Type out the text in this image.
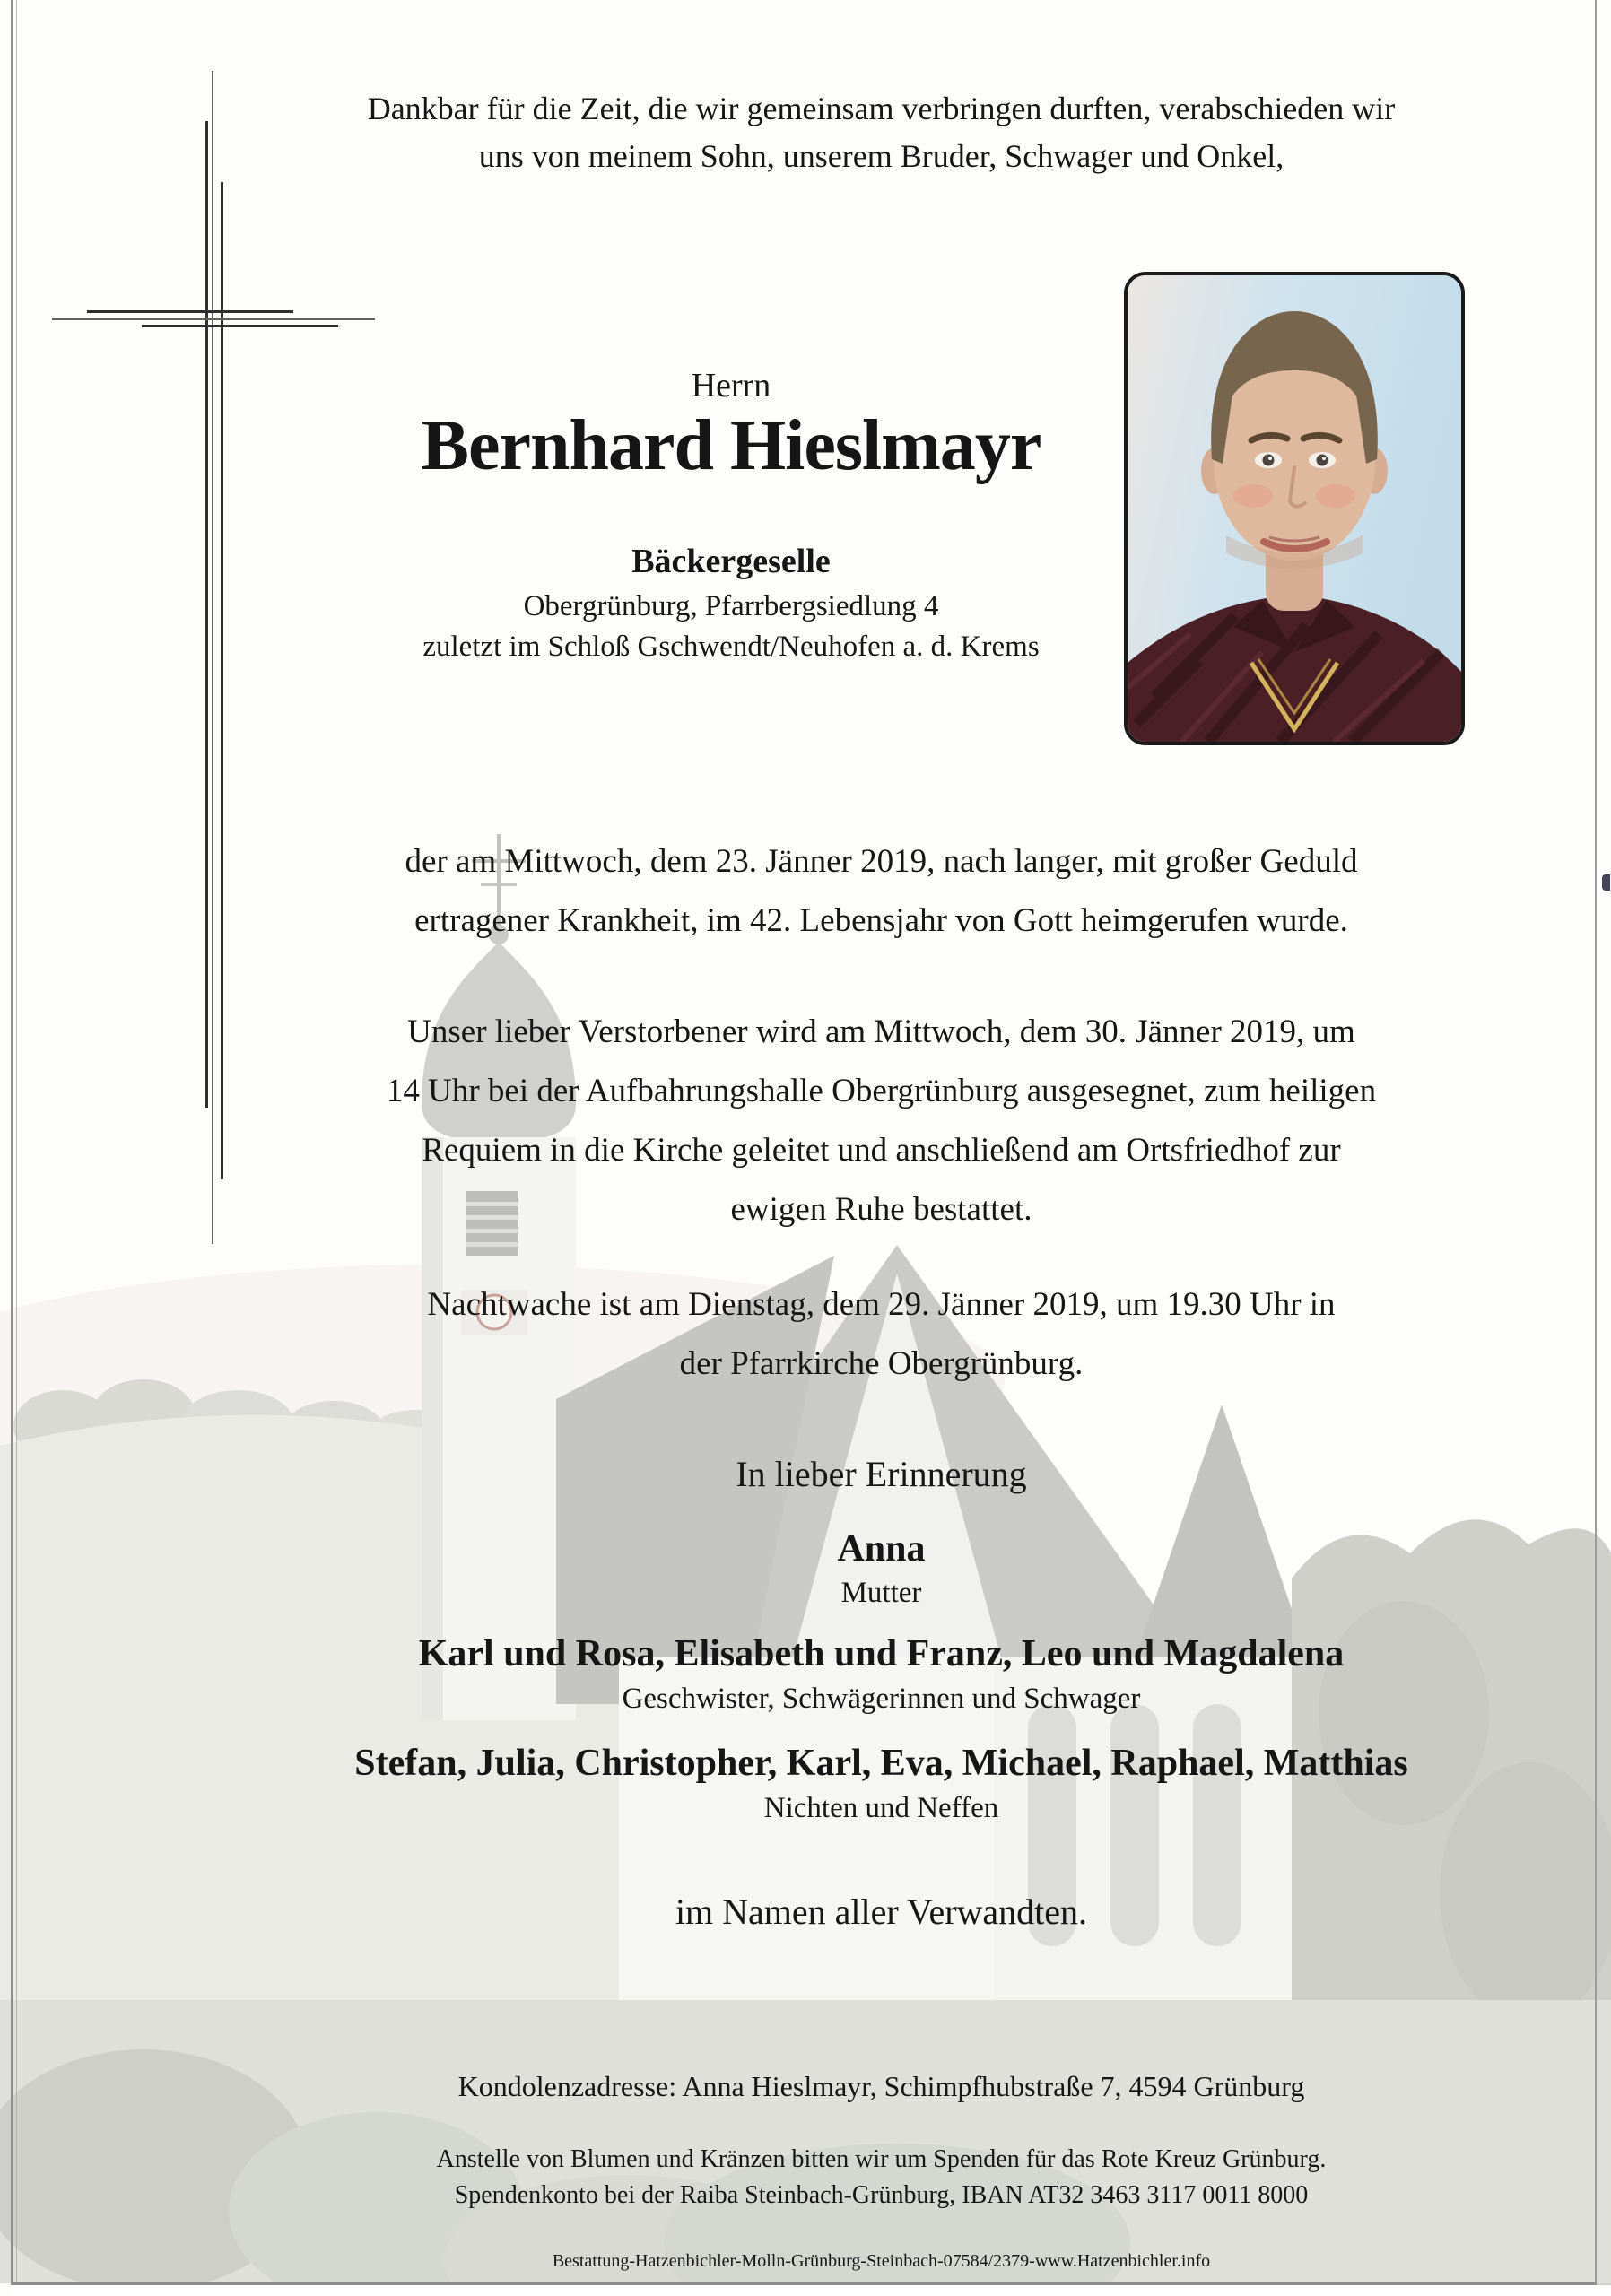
Dankbar für die Zeit, die wir gemeinsam verbringen durften, verabschieden wir
uns von meinem Sohn, unserem Bruder, Schwager und Onkel,
Herrn
Bernhard Hieslmayr
Bäckergeselle
Obergrünburg, Pfarrbergsiedlung 4
zuletzt im Schloß Gschwendt/Neuhofen a. d. Krems
der am Mittwoch, dem 23. Jänner 2019, nach langer, mit großer Geduld
ertragener Krankheit, im 42. Lebensjahr von Gott heimgerufen wurde.
Unser lieber Verstorbener wird am Mittwoch, dem 30. Jänner 2019, um
14 Uhr bei der Aufbahrungshalle Obergrünburg ausgesegnet, zum heiligen
Requiem in die Kirche geleitet und anschließend am Ortsfriedhof zur
ewigen Ruhe bestattet.
Nachtwache ist am Dienstag, dem 29. Jänner 2019, um 19.30 Uhr in
der Pfarrkirche Obergrünburg.
In lieber Erinnerung
Anna
Mutter
Karl und Rosa, Elisabeth und Franz, Leo und Magdalena
Geschwister, Schwägerinnen und Schwager
Stefan, Julia, Christopher, Karl, Eva, Michael, Raphael, Matthias
Nichten und Neffen
im Namen aller Verwandten.
Kondolenzadresse: Anna Hieslmayr, Schimpfhubstraße 7, 4594 Grünburg
Anstelle von Blumen und Kränzen bitten wir um Spenden für das Rote Kreuz Grünburg.
Spendenkonto bei der Raiba Steinbach-Grünburg, IBAN AT32 3463 3117 0011 8000
Bestattung-Hatzenbichler-Molln-Grünburg-Steinbach-07584/2379-www.Hatzenbichler.info
